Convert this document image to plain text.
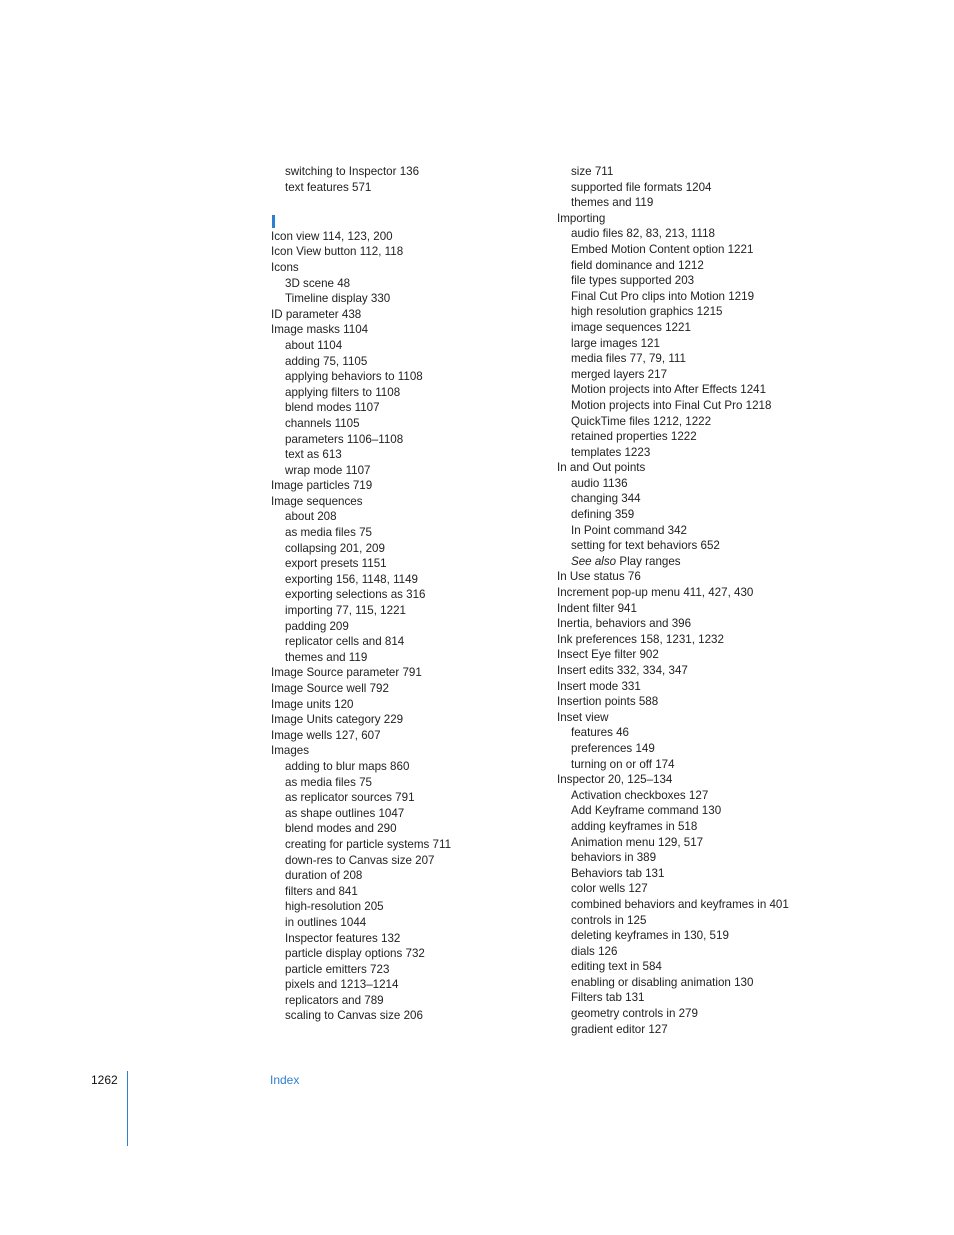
switching to Inspector 136
text features 571
Icon view 114, 123, 200
Icon View button 112, 118
Icons
3D scene 48
Timeline display 330
ID parameter 438
Image masks 1104
about 1104
adding 75, 1105
applying behaviors to 1108
applying filters to 1108
blend modes 1107
channels 1105
parameters 1106–1108
text as 613
wrap mode 1107
Image particles 719
Image sequences
about 208
as media files 75
collapsing 201, 209
export presets 1151
exporting 156, 1148, 1149
exporting selections as 316
importing 77, 115, 1221
padding 209
replicator cells and 814
themes and 119
Image Source parameter 791
Image Source well 792
Image units 120
Image Units category 229
Image wells 127, 607
Images
adding to blur maps 860
as media files 75
as replicator sources 791
as shape outlines 1047
blend modes and 290
creating for particle systems 711
down-res to Canvas size 207
duration of 208
filters and 841
high-resolution 205
in outlines 1044
Inspector features 132
particle display options 732
particle emitters 723
pixels and 1213–1214
replicators and 789
scaling to Canvas size 206
size 711
supported file formats 1204
themes and 119
Importing
audio files 82, 83, 213, 1118
Embed Motion Content option 1221
field dominance and 1212
file types supported 203
Final Cut Pro clips into Motion 1219
high resolution graphics 1215
image sequences 1221
large images 121
media files 77, 79, 111
merged layers 217
Motion projects into After Effects 1241
Motion projects into Final Cut Pro 1218
QuickTime files 1212, 1222
retained properties 1222
templates 1223
In and Out points
audio 1136
changing 344
defining 359
In Point command 342
setting for text behaviors 652
See also Play ranges
In Use status 76
Increment pop-up menu 411, 427, 430
Indent filter 941
Inertia, behaviors and 396
Ink preferences 158, 1231, 1232
Insect Eye filter 902
Insert edits 332, 334, 347
Insert mode 331
Insertion points 588
Inset view
features 46
preferences 149
turning on or off 174
Inspector 20, 125–134
Activation checkboxes 127
Add Keyframe command 130
adding keyframes in 518
Animation menu 129, 517
behaviors in 389
Behaviors tab 131
color wells 127
combined behaviors and keyframes in 401
controls in 125
deleting keyframes in 130, 519
dials 126
editing text in 584
enabling or disabling animation 130
Filters tab 131
geometry controls in 279
gradient editor 127
1262	Index
